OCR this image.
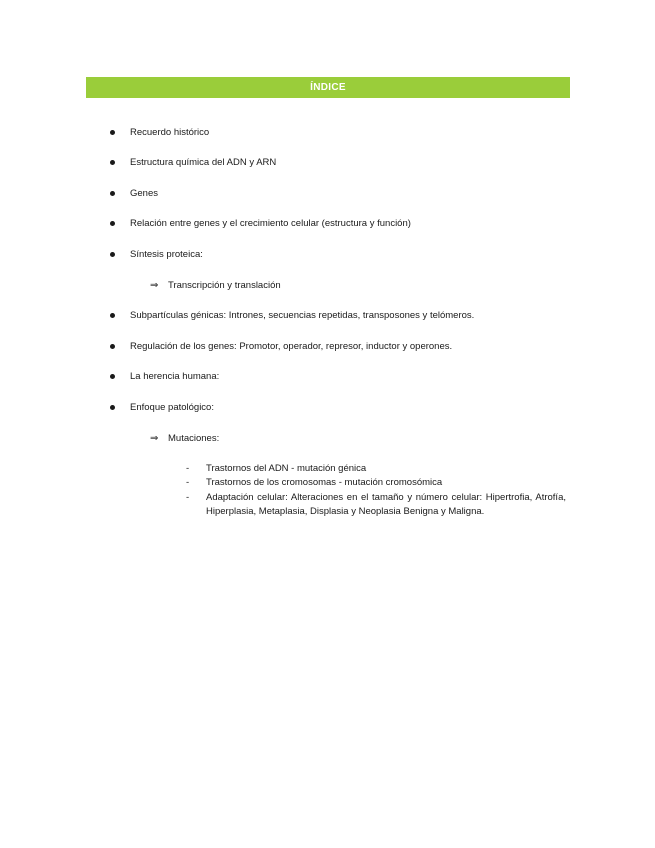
ÍNDICE
Recuerdo histórico
Estructura química del ADN y ARN
Genes
Relación entre genes y el crecimiento celular (estructura y función)
Síntesis proteica:
⇒ Transcripción y translación
Subpartículas génicas: Intrones, secuencias repetidas, transposones y telómeros.
Regulación de los genes: Promotor, operador, represor, inductor y operones.
La herencia humana:
Enfoque patológico:
⇒ Mutaciones:
- Trastornos del ADN - mutación génica
- Trastornos de los cromosomas - mutación cromosómica
- Adaptación celular: Alteraciones en el tamaño y número celular: Hipertrofia, Atrofía, Hiperplasia, Metaplasia, Displasia y Neoplasia Benigna y Maligna.
